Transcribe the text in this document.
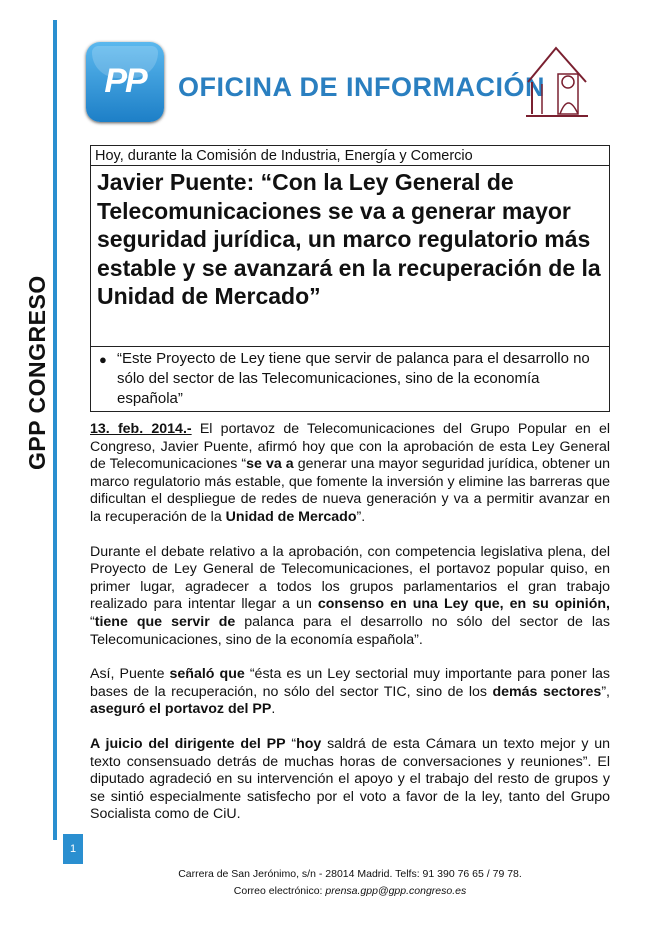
GPP CONGRESO
PP	OFICINA DE INFORMACIÓN
Hoy, durante la Comisión de Industria, Energía y Comercio
Javier Puente: “Con la Ley General de Telecomunicaciones se va a generar mayor seguridad jurídica, un marco regulatorio más estable y se avanzará en la recuperación de la Unidad de Mercado”
● “Este Proyecto de Ley tiene que servir de palanca para el desarrollo no sólo del sector de las Telecomunicaciones, sino de la economía española”

13. feb. 2014.- El portavoz de Telecomunicaciones del Grupo Popular en el Congreso, Javier Puente, afirmó hoy que con la aprobación de esta Ley General de Telecomunicaciones “se va a generar una mayor seguridad jurídica, obtener un marco regulatorio más estable, que fomente la inversión y elimine las barreras que dificultan el despliegue de redes de nueva generación y va a permitir avanzar en la recuperación de la Unidad de Mercado”.

Durante el debate relativo a la aprobación, con competencia legislativa plena, del Proyecto de Ley General de Telecomunicaciones, el portavoz popular quiso, en primer lugar, agradecer a todos los grupos parlamentarios el gran trabajo realizado para intentar llegar a un consenso en una Ley que, en su opinión, “tiene que servir de palanca para el desarrollo no sólo del sector de las Telecomunicaciones, sino de la economía española”.

Así, Puente señaló que “ésta es un Ley sectorial muy importante para poner las bases de la recuperación, no sólo del sector TIC, sino de los demás sectores”, aseguró el portavoz del PP.

A juicio del dirigente del PP “hoy saldrá de esta Cámara un texto mejor y un texto consensuado detrás de muchas horas de conversaciones y reuniones”. El diputado agradeció en su intervención el apoyo y el trabajo del resto de grupos y se sintió especialmente satisfecho por el voto a favor de la ley, tanto del Grupo Socialista como de CiU.

1
Carrera de San Jerónimo, s/n - 28014 Madrid. Telfs: 91 390 76 65 / 79 78.
Correo electrónico: prensa.gpp@gpp.congreso.es
